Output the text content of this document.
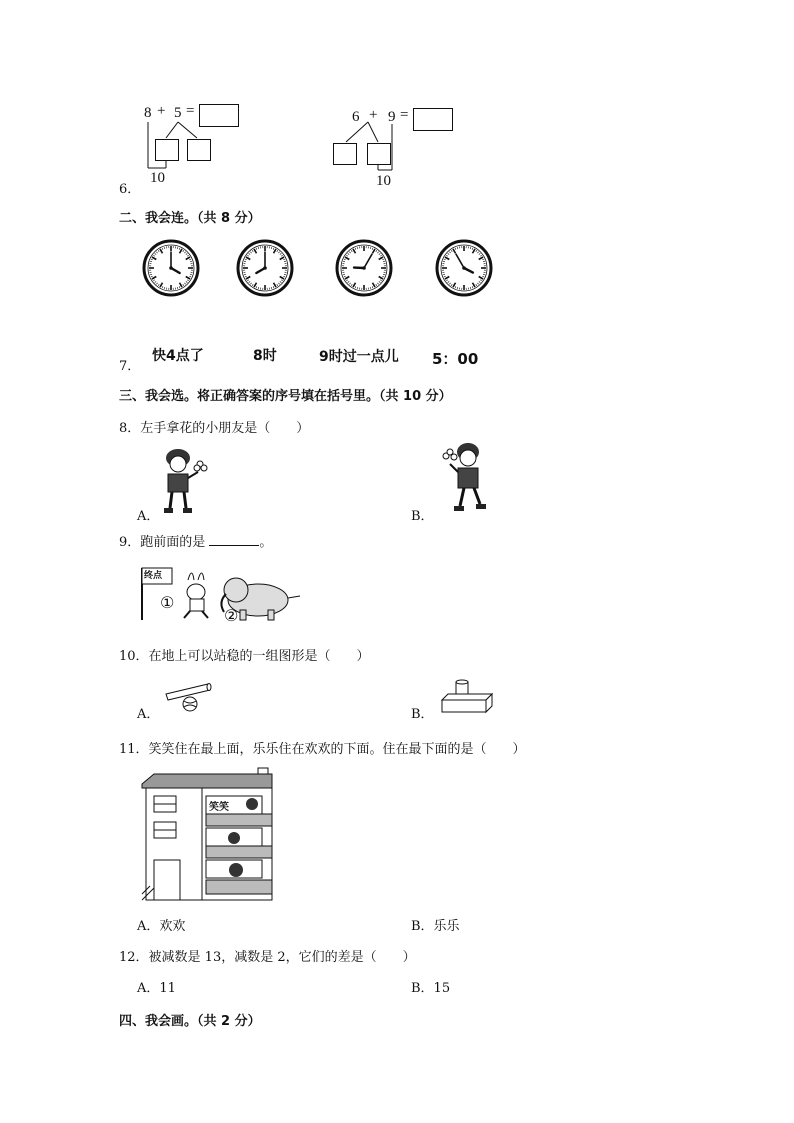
8 + 5 =
10
6．
6 + 9 =
10
二、我会连。（共 8 分）
7．
快4点了	8时	9时过一点儿 5：00
三、我会选。将正确答案的序号填在括号里。（共 10 分）
8．左手拿花的小朋友是（　　）
A．	B．
9．跑前面的是	。
终点
①
②
10．在地上可以站稳的一组图形是（　　）
A．	B．
11．笑笑住在最上面，乐乐住在欢欢的下面。住在最下面的是（　　）
笑笑
A．欢欢	B．乐乐
12．被减数是 13，减数是 2，它们的差是（　　）
A．11	B．15
四、我会画。（共 2 分）
